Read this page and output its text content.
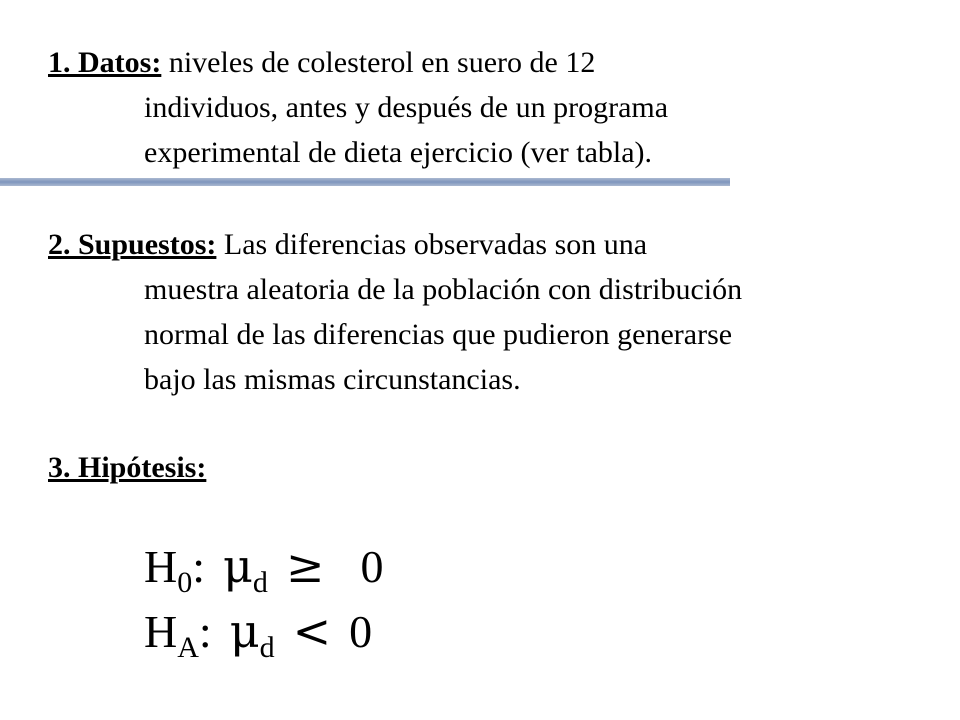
1. Datos: niveles de colesterol en suero de 12
individuos, antes y después de un programa
experimental de dieta ejercicio (ver tabla).

2. Supuestos: Las diferencias observadas son una
muestra aleatoria de la población con distribución
normal de las diferencias que pudieron generarse
bajo las mismas circunstancias.

3. Hipótesis:

$H_0$: $\mu_d \ge 0$
$H_A$: $\mu_d < 0$
